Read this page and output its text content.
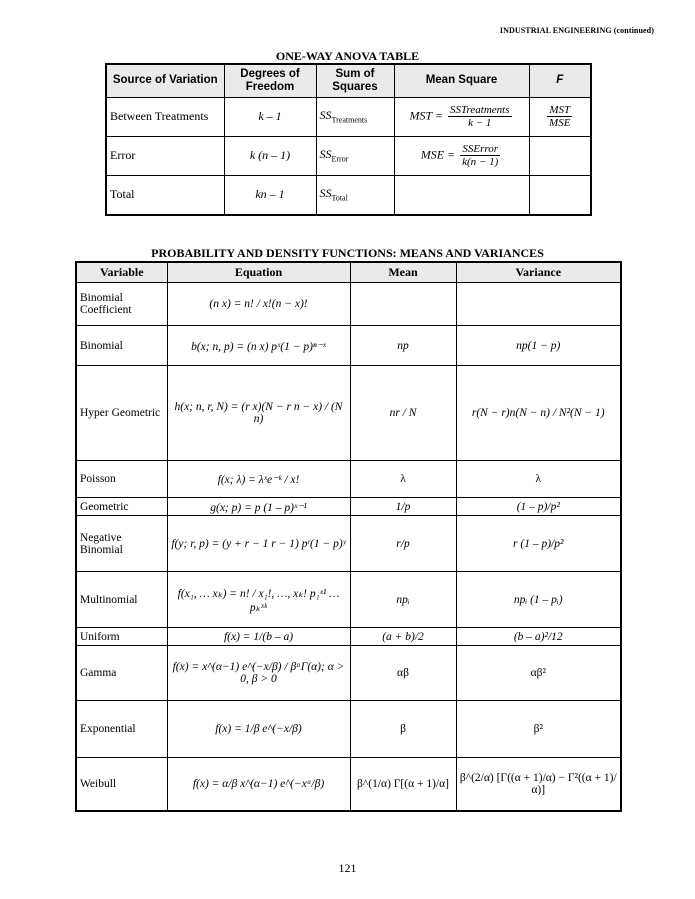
INDUSTRIAL ENGINEERING (continued)
ONE-WAY ANOVA TABLE
Source of Variation	Degrees of Freedom	Sum of Squares	Mean Square	F
Between Treatments	k – 1	$SS_{Treatments}$	MST = $\frac{\text{SSTreatments}}{k - 1}$	$\frac{\text{MST}}{\text{MSE}}$

Error	k (n – 1)	$SS_{Error}$	MSE = $\frac{\text{SSError}}{k(n - 1)}$

Total	kn – 1	$SS_{Total}$		
PROBABILITY AND DENSITY FUNCTIONS: MEANS AND VARIANCES
Variable	Equation	Mean	Variance
Binomial Coefficient	(n x) = n! / x!(n − x)!		
Binomial	b(x; n, p) = (n x) pˣ(1 − p)ⁿ⁻ˣ	np	np(1 − p)
Hyper Geometric	h(x; n, r, N) = (r x)(N − r n − x) / (N n)	nr / N	r(N − r)n(N − n) / N²(N − 1)
Poisson	f(x; λ) = λˣe⁻ᵏ / x!	λ	λ
Geometric	g(x; p) = p (1 – p)ˣ⁻¹	1/p	(1 – p)/p²
Negative Binomial	f(y; r, p) = (y + r − 1 r − 1) pʳ(1 − p)ʸ	r/p	r (1 – p)/p²
Multinomial	f(x₁, … xₖ) = n! / x₁!, …, xₖ! p₁ˣ¹ … pₖˣᵏ	npᵢ	npᵢ (1 – pᵢ)
Uniform	f(x) = 1/(b – a)	(a + b)/2	(b – a)²/12
Gamma	f(x) = x^(α−1) e^(−x/β) / βᵅΓ(α); α > 0, β > 0	αβ	αβ²
Exponential	f(x) = 1/β e^(−x/β)	β	β²
Weibull	f(x) = α/β x^(α−1) e^(−xᵅ/β)	β^(1/α) Γ[(α + 1)/α]	β^(2/α) [Γ((α + 1)/α) − Γ²((α + 1)/α)]
121
